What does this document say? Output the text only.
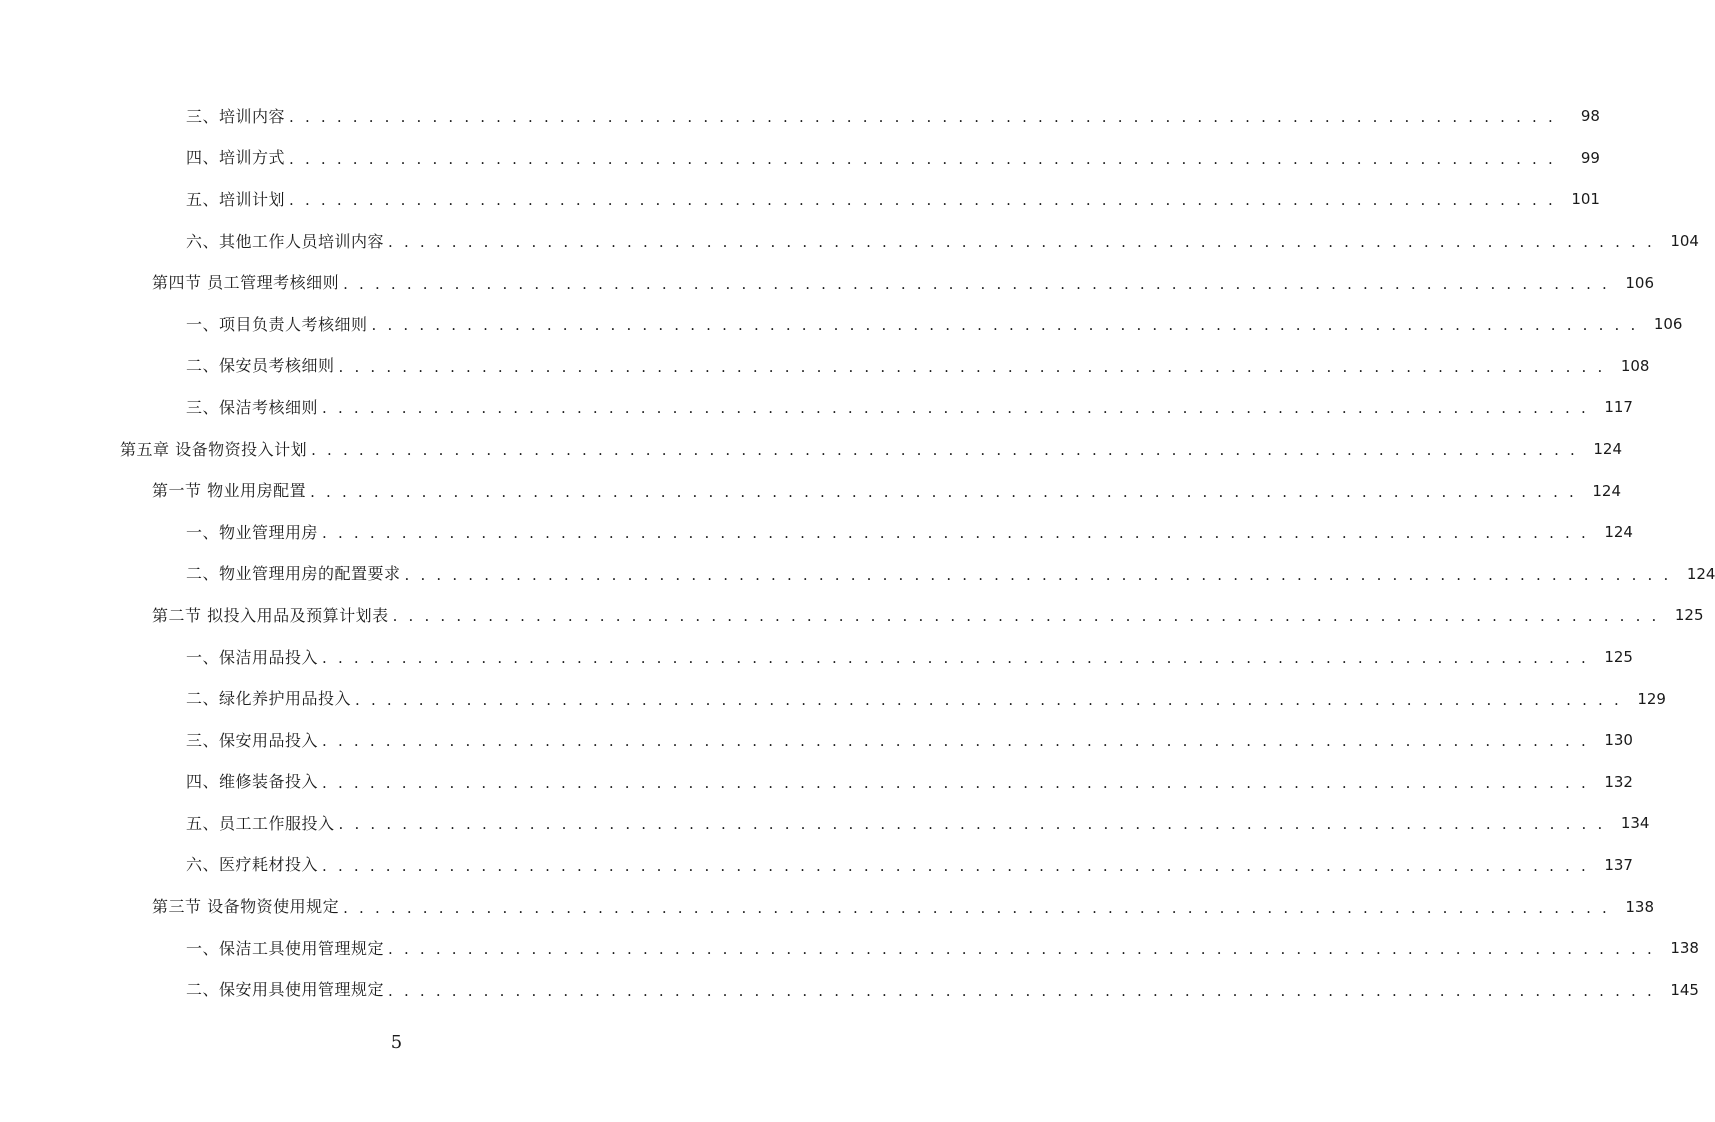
三、培训内容 . . . . . . . . . . . . . . . . . . . . . . . . . . . . . . . . . . . . . . . . . . . . . . . . . . . . . . . . . . . . . . . . . . . . . . . . . . . . . . . .	98
四、培训方式 . . . . . . . . . . . . . . . . . . . . . . . . . . . . . . . . . . . . . . . . . . . . . . . . . . . . . . . . . . . . . . . . . . . . . . . . . . . . . . . .	99
五、培训计划 . . . . . . . . . . . . . . . . . . . . . . . . . . . . . . . . . . . . . . . . . . . . . . . . . . . . . . . . . . . . . . . . . . . . . . . . . . . . . . . .	101
六、其他工作人员培训内容 . . . . . . . . . . . . . . . . . . . . . . . . . . . . . . . . . . . . . . . . . . . . . . . . . . . . . . . . . . . . . . . . . . . . . . . . . . . . . . . .	104
第四节 员工管理考核细则 . . . . . . . . . . . . . . . . . . . . . . . . . . . . . . . . . . . . . . . . . . . . . . . . . . . . . . . . . . . . . . . . . . . . . . . . . . . . . . . .	106
一、项目负责人考核细则 . . . . . . . . . . . . . . . . . . . . . . . . . . . . . . . . . . . . . . . . . . . . . . . . . . . . . . . . . . . . . . . . . . . . . . . . . . . . . . . .	106
二、保安员考核细则 . . . . . . . . . . . . . . . . . . . . . . . . . . . . . . . . . . . . . . . . . . . . . . . . . . . . . . . . . . . . . . . . . . . . . . . . . . . . . . . .	108
三、保洁考核细则 . . . . . . . . . . . . . . . . . . . . . . . . . . . . . . . . . . . . . . . . . . . . . . . . . . . . . . . . . . . . . . . . . . . . . . . . . . . . . . . .	117
第五章 设备物资投入计划 . . . . . . . . . . . . . . . . . . . . . . . . . . . . . . . . . . . . . . . . . . . . . . . . . . . . . . . . . . . . . . . . . . . . . . . . . . . . . . . .	124
第一节 物业用房配置 . . . . . . . . . . . . . . . . . . . . . . . . . . . . . . . . . . . . . . . . . . . . . . . . . . . . . . . . . . . . . . . . . . . . . . . . . . . . . . . .	124
一、物业管理用房 . . . . . . . . . . . . . . . . . . . . . . . . . . . . . . . . . . . . . . . . . . . . . . . . . . . . . . . . . . . . . . . . . . . . . . . . . . . . . . . .	124
二、物业管理用房的配置要求 . . . . . . . . . . . . . . . . . . . . . . . . . . . . . . . . . . . . . . . . . . . . . . . . . . . . . . . . . . . . . . . . . . . . . . . . . . . . . . . .	124
第二节 拟投入用品及预算计划表 . . . . . . . . . . . . . . . . . . . . . . . . . . . . . . . . . . . . . . . . . . . . . . . . . . . . . . . . . . . . . . . . . . . . . . . . . . . . . . . .	125
一、保洁用品投入 . . . . . . . . . . . . . . . . . . . . . . . . . . . . . . . . . . . . . . . . . . . . . . . . . . . . . . . . . . . . . . . . . . . . . . . . . . . . . . . .	125
二、绿化养护用品投入 . . . . . . . . . . . . . . . . . . . . . . . . . . . . . . . . . . . . . . . . . . . . . . . . . . . . . . . . . . . . . . . . . . . . . . . . . . . . . . . .	129
三、保安用品投入 . . . . . . . . . . . . . . . . . . . . . . . . . . . . . . . . . . . . . . . . . . . . . . . . . . . . . . . . . . . . . . . . . . . . . . . . . . . . . . . .	130
四、维修装备投入 . . . . . . . . . . . . . . . . . . . . . . . . . . . . . . . . . . . . . . . . . . . . . . . . . . . . . . . . . . . . . . . . . . . . . . . . . . . . . . . .	132
五、员工工作服投入 . . . . . . . . . . . . . . . . . . . . . . . . . . . . . . . . . . . . . . . . . . . . . . . . . . . . . . . . . . . . . . . . . . . . . . . . . . . . . . . .	134
六、医疗耗材投入 . . . . . . . . . . . . . . . . . . . . . . . . . . . . . . . . . . . . . . . . . . . . . . . . . . . . . . . . . . . . . . . . . . . . . . . . . . . . . . . .	137
第三节 设备物资使用规定 . . . . . . . . . . . . . . . . . . . . . . . . . . . . . . . . . . . . . . . . . . . . . . . . . . . . . . . . . . . . . . . . . . . . . . . . . . . . . . . .	138
一、保洁工具使用管理规定 . . . . . . . . . . . . . . . . . . . . . . . . . . . . . . . . . . . . . . . . . . . . . . . . . . . . . . . . . . . . . . . . . . . . . . . . . . . . . . . .	138
二、保安用具使用管理规定 . . . . . . . . . . . . . . . . . . . . . . . . . . . . . . . . . . . . . . . . . . . . . . . . . . . . . . . . . . . . . . . . . . . . . . . . . . . . . . . .	145
5
